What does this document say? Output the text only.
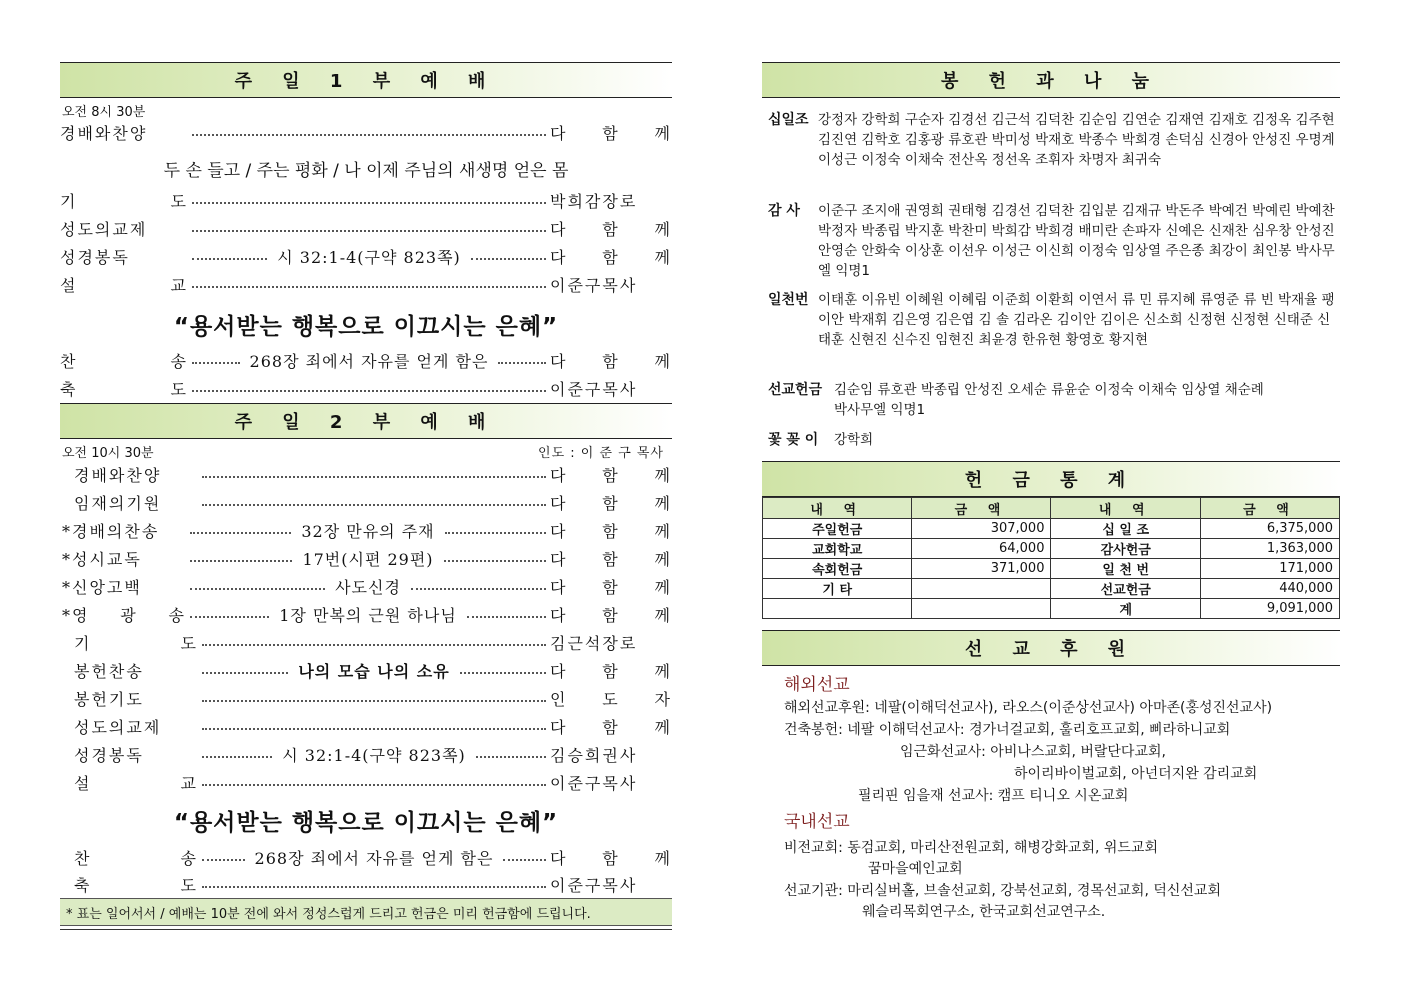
주 일 1 부 예 배
오전 8시 30분
경배와찬양	다 함 께
두 손 들고 / 주는 평화 / 나 이제 주님의 새생명 얻은 몸
기 도	박희감장로
성도의교제	다 함 께
성경봉독	시 32:1-4(구약 823쪽)	다 함 께
설 교	이준구목사
“용서받는 행복으로 이끄시는 은혜”
찬 송	268장 죄에서 자유를 얻게 함은	다 함 께
축 도	이준구목사
주 일 2 부 예 배
오전 10시 30분	인도 : 이 준 구 목사
경배와찬양	다 함 께
임재의기원	다 함 께
*경배의찬송	32장 만유의 주재	다 함 께
*성시교독	17번(시편 29편)	다 함 께
*신앙고백	사도신경	다 함 께
*영 광 송	1장 만복의 근원 하나님	다 함 께
기 도	김근석장로
봉헌찬송	나의 모습 나의 소유	다 함 께
봉헌기도	인 도 자
성도의교제	다 함 께
성경봉독	시 32:1-4(구약 823쪽)	김승희권사
설 교	이준구목사
“용서받는 행복으로 이끄시는 은혜”
찬 송	268장 죄에서 자유를 얻게 함은	다 함 께
축 도	이준구목사
* 표는 일어서서 / 예배는 10분 전에 와서 정성스럽게 드리고 헌금은 미리 헌금함에 드립니다.
봉 헌 과 나 눔
십일조 강정자 강학희 구순자 김경선 김근석 김덕찬 김순임 김연순 김재연 김재호 김정옥 김주현 김진연 김학호 김홍광 류호관 박미성 박재호 박종수 박희경 손덕심 신경아 안성진 우명계 이성근 이정숙 이채숙 전산옥 정선옥 조휘자 차명자 최귀숙
감 사 이준구 조지애 권영희 권태형 김경선 김덕찬 김입분 김재규 박돈주 박예건 박예린 박예찬 박정자 박종립 박지훈 박찬미 박희감 박희경 배미란 손파자 신예은 신재찬 심우창 안성진 안영순 안화숙 이상훈 이선우 이성근 이신희 이정숙 임상열 주은종 최강이 최인봉 박사무엘 익명1
일천번 이태훈 이유빈 이혜원 이혜림 이준희 이환희 이연서 류 민 류지혜 류영준 류 빈 박재율 팽이안 박재휘 김은영 김은엽 김 솔 김라온 김이안 김이은 신소희 신정현 신정현 신태준 신태훈 신현진 신수진 임현진 최윤경 한유현 황영호 황지현
선교헌금 김순임 류호관 박종립 안성진 오세순 류윤순 이정숙 이채숙 임상열 채순례 박사무엘 익명1
꽃 꽂 이 강학희
헌 금 통 계
내 역	금 액	내 역	금 액
주일헌금	307,000	십 일 조	6,375,000
교회학교	64,000	감사헌금	1,363,000
속회헌금	371,000	일 천 번	171,000
기 타		선교헌금	440,000
		계	9,091,000
선 교 후 원
해외선교
해외선교후원: 네팔(이해덕선교사), 라오스(이준상선교사) 아마존(홍성진선교사)
건축봉헌: 네팔 이해덕선교사: 경가너걸교회, 훌리호프교회, 삐라하니교회
임근화선교사: 아비나스교회, 버랄단다교회,
하이리바이벌교회, 아넌더지완 감리교회
필리핀 임을재 선교사: 캠프 티니오 시온교회
국내선교
비전교회: 동검교회, 마리산전원교회, 해병강화교회, 위드교회
꿈마을예인교회
선교기관: 마리실버홀, 브솔선교회, 강북선교회, 경목선교회, 덕신선교회
웨슬리목회연구소, 한국교회선교연구소.
